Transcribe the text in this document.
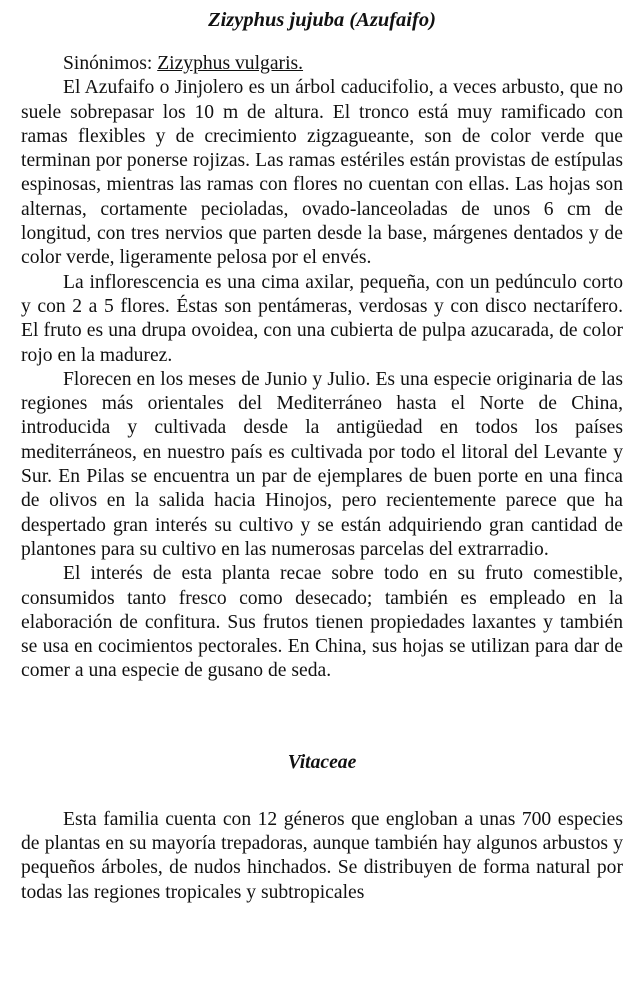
Zizyphus jujuba (Azufaifo)

Sinónimos: Zizyphus vulgaris.

El Azufaifo o Jinjolero es un árbol caducifolio, a veces arbusto, que no suele sobrepasar los 10 m de altura. El tronco está muy ramificado con ramas flexibles y de crecimiento zigzagueante, son de color verde que terminan por ponerse rojizas. Las ramas estériles están provistas de estípulas espinosas, mientras las ramas con flores no cuentan con ellas. Las hojas son alternas, cortamente pecioladas, ovado-lanceoladas de unos 6 cm de longitud, con tres nervios que parten desde la base, márgenes dentados y de color verde, ligeramente pelosa por el envés.

La inflorescencia es una cima axilar, pequeña, con un pedúnculo corto y con 2 a 5 flores. Éstas son pentámeras, verdosas y con disco nectarífero. El fruto es una drupa ovoidea, con una cubierta de pulpa azucarada, de color rojo en la madurez.

Florecen en los meses de Junio y Julio. Es una especie originaria de las regiones más orientales del Mediterráneo hasta el Norte de China, introducida y cultivada desde la antigüedad en todos los países mediterráneos, en nuestro país es cultivada por todo el litoral del Levante y Sur. En Pilas se encuentra un par de ejemplares de buen porte en una finca de olivos en la salida hacia Hinojos, pero recientemente parece que ha despertado gran interés su cultivo y se están adquiriendo gran cantidad de plantones para su cultivo en las numerosas parcelas del extrarradio.

El interés de esta planta recae sobre todo en su fruto comestible, consumidos tanto fresco como desecado; también es empleado en la elaboración de confitura. Sus frutos tienen propiedades laxantes y también se usa en cocimientos pectorales. En China, sus hojas se utilizan para dar de comer a una especie de gusano de seda.

Vitaceae

Esta familia cuenta con 12 géneros que engloban a unas 700 especies de plantas en su mayoría trepadoras, aunque también hay algunos arbustos y pequeños árboles, de nudos hinchados. Se distribuyen de forma natural por todas las regiones tropicales y subtropicales
